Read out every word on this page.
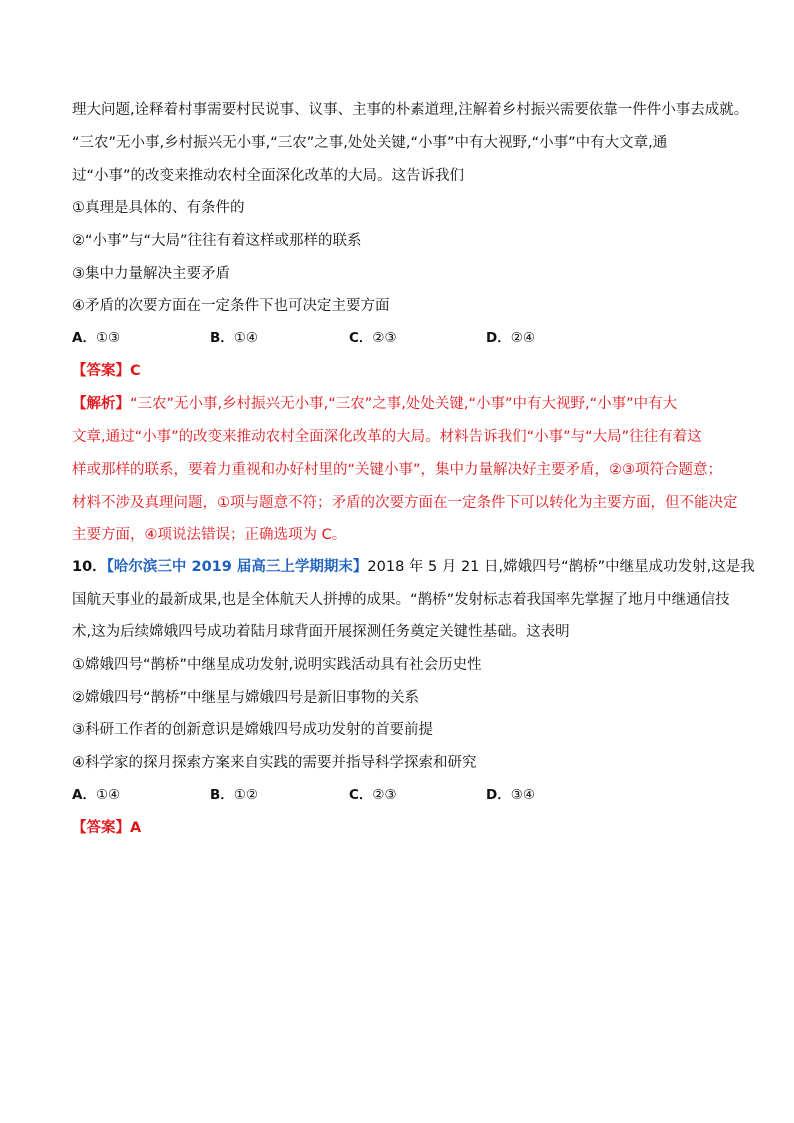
理大问题,诠释着村事需要村民说事、议事、主事的朴素道理,注解着乡村振兴需要依靠一件件小事去成就。
“三农”无小事,乡村振兴无小事,“三农”之事,处处关键,“小事”中有大视野,“小事”中有大文章,通
过“小事”的改变来推动农村全面深化改革的大局。这告诉我们
①真理是具体的、有条件的
②“小事”与“大局”往往有着这样或那样的联系
③集中力量解决主要矛盾
④矛盾的次要方面在一定条件下也可决定主要方面
A．①③	B．①④	C．②③	D．②④
【答案】C
【解析】“三农”无小事,乡村振兴无小事,“三农”之事,处处关键,“小事”中有大视野,“小事”中有大
文章,通过“小事”的改变来推动农村全面深化改革的大局。材料告诉我们“小事”与“大局”往往有着这
样或那样的联系，要着力重视和办好村里的“关键小事”，集中力量解决好主要矛盾，②③项符合题意；
材料不涉及真理问题，①项与题意不符；矛盾的次要方面在一定条件下可以转化为主要方面，但不能决定
主要方面，④项说法错误；正确选项为 C。
10．【哈尔滨三中 2019 届高三上学期期末】2018 年 5 月 21 日,嫦娥四号“鹊桥”中继星成功发射,这是我
国航天事业的最新成果,也是全体航天人拼搏的成果。“鹊桥”发射标志着我国率先掌握了地月中继通信技
术,这为后续嫦娥四号成功着陆月球背面开展探测任务奠定关键性基础。这表明
①嫦娥四号“鹊桥”中继星成功发射,说明实践活动具有社会历史性
②嫦娥四号“鹊桥”中继星与嫦娥四号是新旧事物的关系
③科研工作者的创新意识是嫦娥四号成功发射的首要前提
④科学家的探月探索方案来自实践的需要并指导科学探索和研究
A．①④	B．①②	C．②③	D．③④
【答案】A
